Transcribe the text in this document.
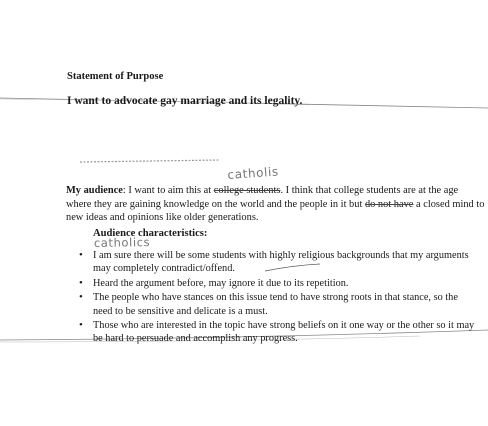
Statement of Purpose
I want to advocate gay marriage and its legality.
catholis
My audience: I want to aim this at college students. I think that college students are at the age where they are gaining knowledge on the world and the people in it but do not have a closed mind to new ideas and opinions like older generations.
Audience characteristics:
catholics
• I am sure there will be some students with highly religious backgrounds that my arguments may completely contradict/offend.
• Heard the argument before, may ignore it due to its repetition.
• The people who have stances on this issue tend to have strong roots in that stance, so the need to be sensitive and delicate is a must.
• Those who are interested in the topic have strong beliefs on it one way or the other so it may be hard to persuade and accomplish any progress.
